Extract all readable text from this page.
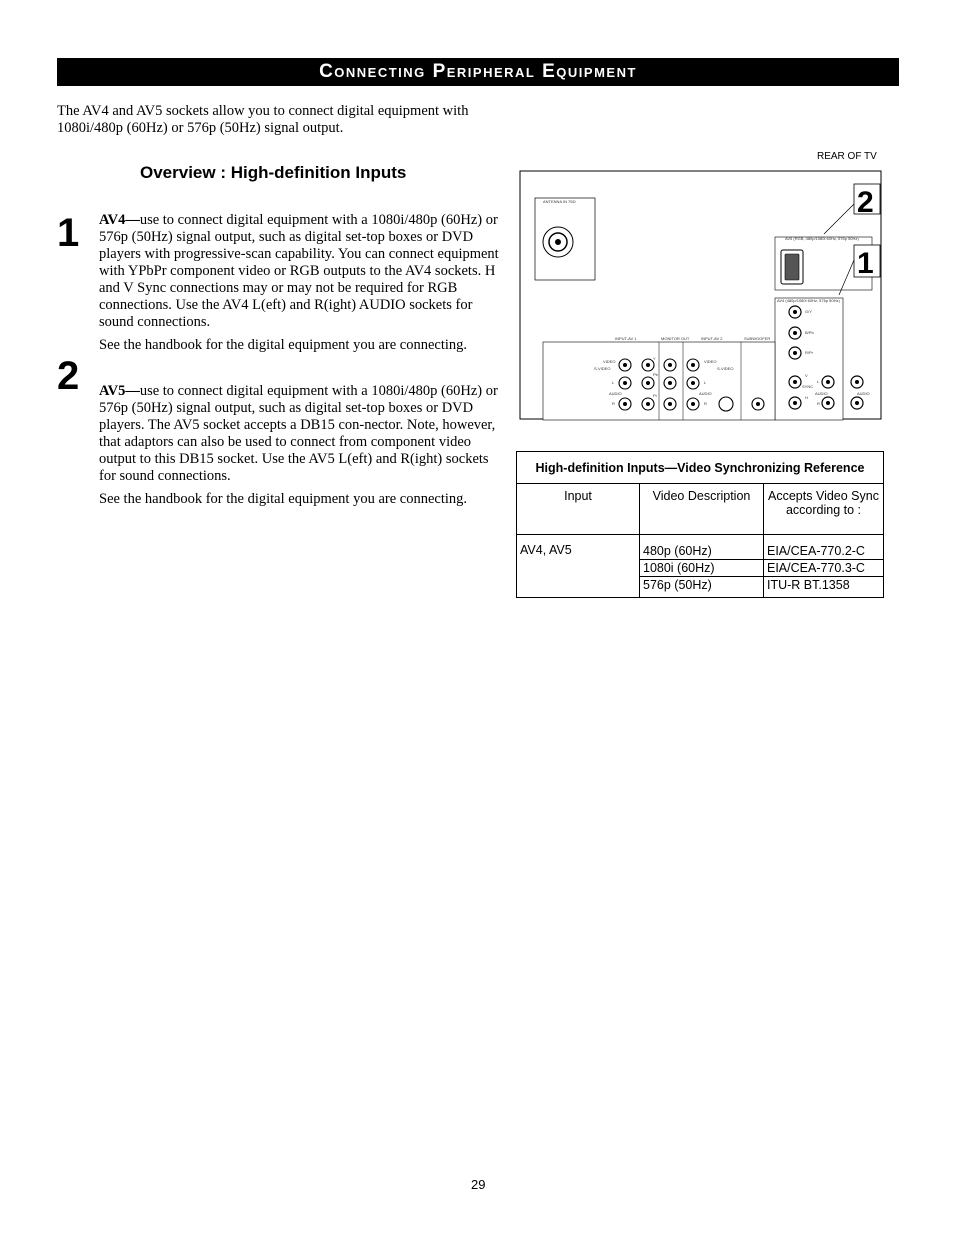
Connecting Peripheral Equipment
The AV4 and AV5 sockets allow you to connect digital equipment with 1080i/480p (60Hz) or 576p (50Hz) signal output.
Overview : High-definition Inputs
1 AV4—use to connect digital equipment with a 1080i/480p (60Hz) or 576p (50Hz) signal output, such as digital set-top boxes or DVD players with progressive-scan capability. You can connect equipment with YPbPr component video or RGB outputs to the AV4 sockets. H and V Sync connections may or may not be required for RGB connections. Use the AV4 L(eft) and R(ight) AUDIO sockets for sound connections.

See the handbook for the digital equipment you are connecting.

2 AV5—use to connect digital equipment with a 1080i/480p (60Hz) or 576p (50Hz) signal output, such as digital set-top boxes or DVD players. The AV5 socket accepts a DB15 con-nector. Note, however, that adaptors can also be used to connect from component video output to this DB15 socket. Use the AV5 L(eft) and R(ight) sockets for sound connections.

See the handbook for the digital equipment you are connecting.

REAR OF TV
ANTENNA IN 75Ω
AV5 (RGB, 480p/1080i 60Hz, 576p 50Hz)
2
1
AV4 (480p/1080i 60Hz, 576p 50Hz)
G/Y
B/Pb
R/Pr
V
SYNC
H
L
AUDIO
R
AUDIO
INPUT-AV 1	MONITOR OUT	INPUT-AV 2	SUBWOOFER
VIDEO
S-VIDEO
L
AUDIO
R
Y
Pb
Pr
VIDEO
S-VIDEO
L
AUDIO
R
High-definition Inputs—Video Synchronizing Reference		
Input	Video Description	Accepts Video Sync according to :
AV4, AV5	480p (60Hz)	EIA/CEA-770.2-C
	1080i (60Hz)	EIA/CEA-770.3-C
	576p (50Hz)	ITU-R BT.1358
29
